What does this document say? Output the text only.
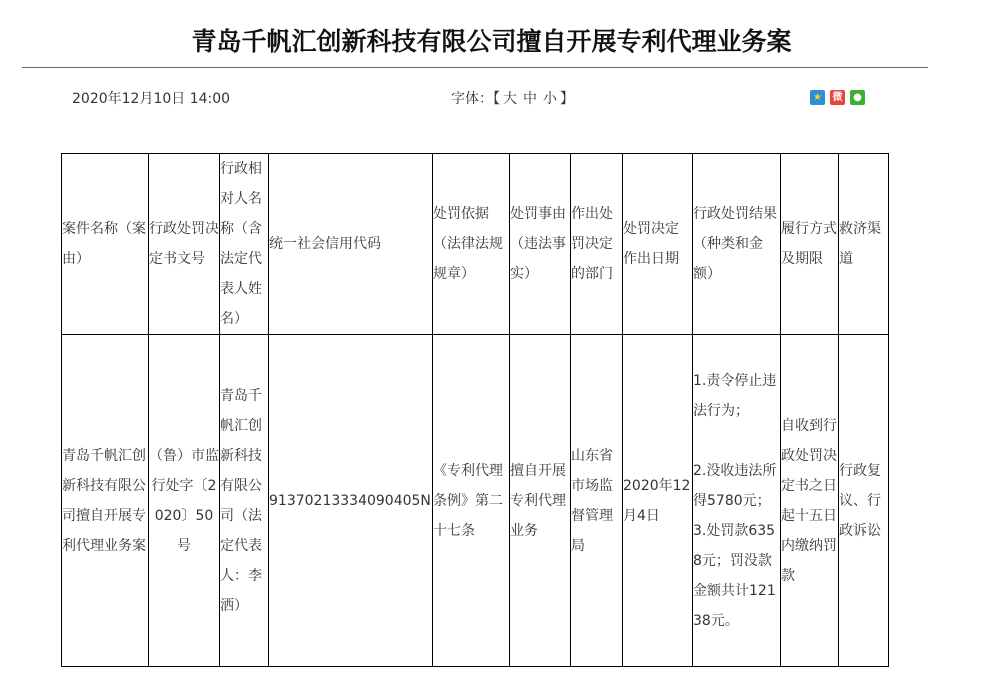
青岛千帆汇创新科技有限公司擅自开展专利代理业务案
2020年12月10日 14:00	字体：【 大 中 小 】	★	微	●
案件名称（案由）	行政处罚决定书文号	行政相对人名称（含法定代表人姓名）	统一社会信用代码	处罚依据（法律法规规章）	处罚事由（违法事实）	作出处罚决定的部门	处罚决定作出日期	行政处罚结果（种类和金额）	履行方式及期限	救济渠道
青岛千帆汇创新科技有限公司擅自开展专利代理业务案	（鲁）市监行处字〔2020〕50号	青岛千帆汇创新科技有限公司（法定代表人：李洒）	91370213334090405N	《专利代理条例》第二十七条	擅自开展专利代理业务	山东省市场监督管理局	2020年12月4日	1.责令停止违法行为；

2.没收违法所得5780元；

3.处罚款6358元；罚没款金额共计12138元。	自收到行政处罚决定书之日起十五日内缴纳罚款	行政复议、行政诉讼
